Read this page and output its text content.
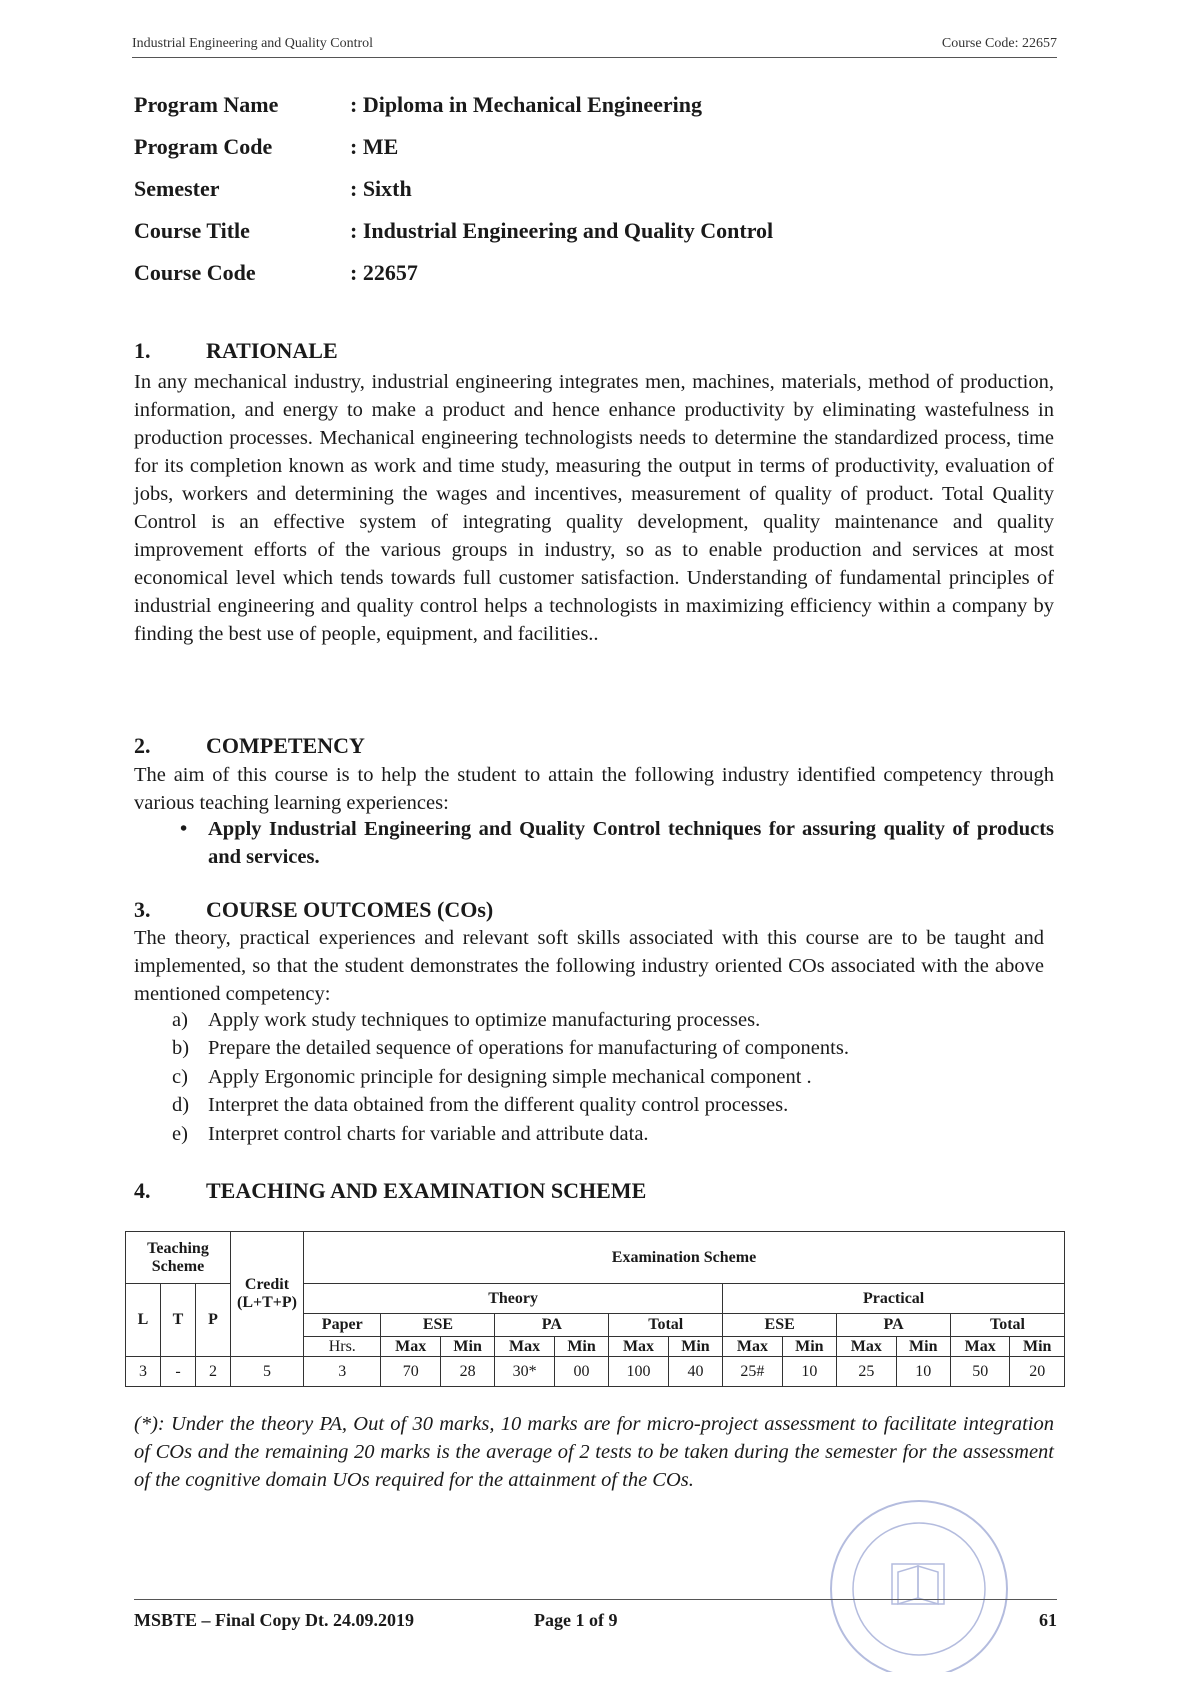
Industrial Engineering and Quality Control	Course Code: 22657
Program Name	: Diploma in Mechanical Engineering
Program Code	: ME
Semester	: Sixth
Course Title	: Industrial Engineering and Quality Control
Course Code	: 22657
1.	RATIONALE
In any mechanical industry, industrial engineering integrates men, machines, materials, method of production, information, and energy to make a product and hence enhance productivity by eliminating wastefulness in production processes. Mechanical engineering technologists needs to determine the standardized process, time for its completion known as work and time study, measuring the output in terms of productivity, evaluation of jobs, workers and determining the wages and incentives, measurement of quality of product. Total Quality Control is an effective system of integrating quality development, quality maintenance and quality improvement efforts of the various groups in industry, so as to enable production and services at most economical level which tends towards full customer satisfaction. Understanding of fundamental principles of industrial engineering and quality control helps a technologists in maximizing efficiency within a company by finding the best use of people, equipment, and facilities..
2.	COMPETENCY
The aim of this course is to help the student to attain the following industry identified competency through various teaching learning experiences:
• Apply Industrial Engineering and Quality Control techniques for assuring quality of products and services.
3.	COURSE OUTCOMES (COs)
The theory, practical experiences and relevant soft skills associated with this course are to be taught and implemented, so that the student demonstrates the following industry oriented COs associated with the above mentioned competency:
a) Apply work study techniques to optimize manufacturing processes.
b) Prepare the detailed sequence of operations for manufacturing of components.
c) Apply Ergonomic principle for designing simple mechanical component .
d) Interpret the data obtained from the different quality control processes.
e) Interpret control charts for variable and attribute data.
4.	TEACHING AND EXAMINATION SCHEME
Teaching Scheme			Credit (L+T+P)	Examination Scheme												
L	T	P		Theory							Practical					
				Paper	ESE		PA		Total		ESE		PA		Total	
				Hrs.	Max	Min	Max	Min	Max	Min	Max	Min	Max	Min	Max	Min
3	-	2	5	3	70	28	30*	00	100	40	25#	10	25	10	50	20
(*): Under the theory PA, Out of 30 marks, 10 marks are for micro-project assessment to facilitate integration of COs and the remaining 20 marks is the average of 2 tests to be taken during the semester for the assessment of the cognitive domain UOs required for the attainment of the COs.
MSBTE – Final Copy Dt. 24.09.2019	Page 1 of 9	61
